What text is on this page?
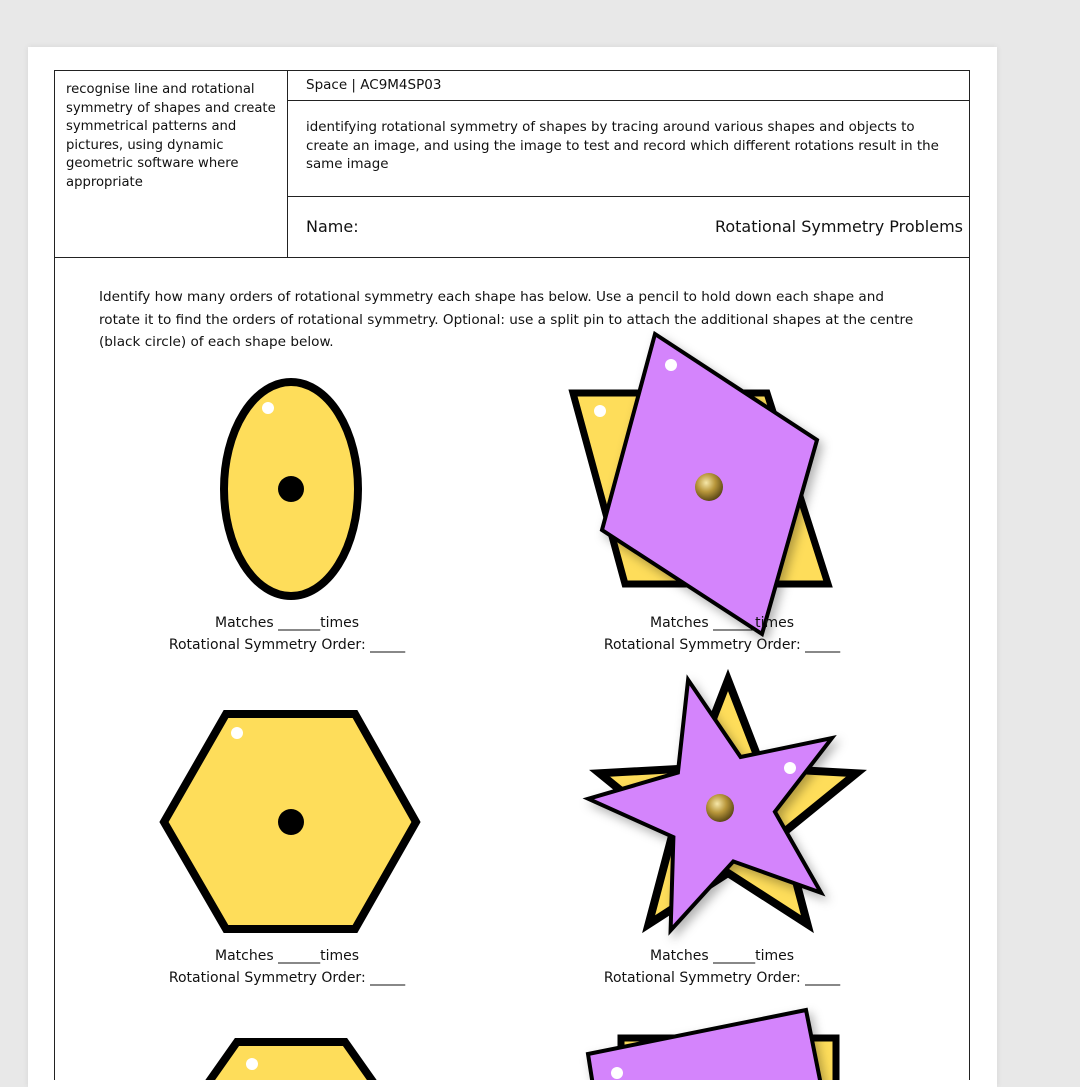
recognise line and rotational symmetry of shapes and create symmetrical patterns and pictures, using dynamic geometric software where appropriate
Space | AC9M4SP03
identifying rotational symmetry of shapes by tracing around various shapes and objects to create an image, and using the image to test and record which different rotations result in the same image
Name:	Rotational Symmetry Problems
Identify how many orders of rotational symmetry each shape has below. Use a pencil to hold down each shape and rotate it to find the orders of rotational symmetry. Optional: use a split pin to attach the additional shapes at the centre (black circle) of each shape below.
Matches ______times
Rotational Symmetry Order: _____
Matches ______times
Rotational Symmetry Order: _____
Matches ______times
Rotational Symmetry Order: _____
Matches ______times
Rotational Symmetry Order: _____
